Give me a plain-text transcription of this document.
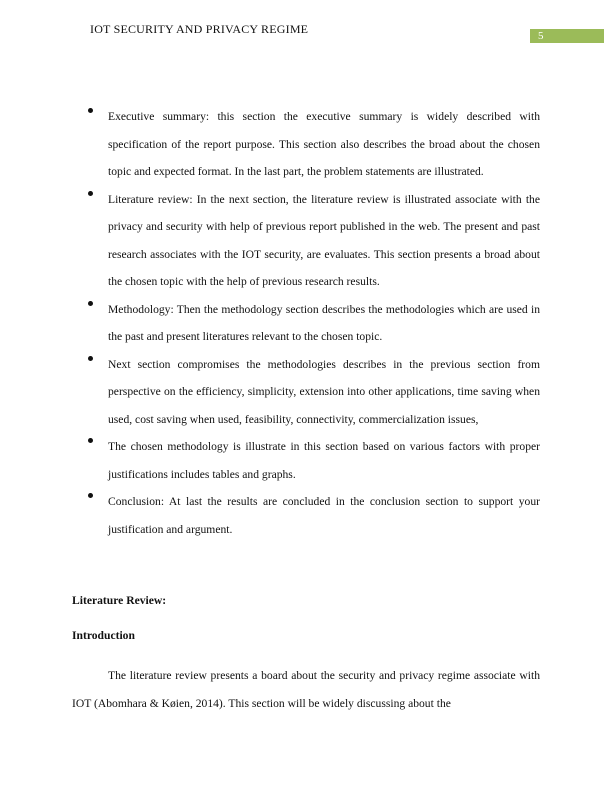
IOT SECURITY AND PRIVACY REGIME	5
Executive summary: this section the executive summary is widely described with specification of the report purpose. This section also describes the broad about the chosen topic and expected format. In the last part, the problem statements are illustrated.
Literature review: In the next section, the literature review is illustrated associate with the privacy and security with help of previous report published in the web. The present and past research associates with the IOT security, are evaluates. This section presents a broad about the chosen topic with the help of previous research results.
Methodology: Then the methodology section describes the methodologies which are used in the past and present literatures relevant to the chosen topic.
Next section compromises the methodologies describes in the previous section from perspective on the efficiency, simplicity, extension into other applications, time saving when used, cost saving when used, feasibility, connectivity, commercialization issues,
The chosen methodology is illustrate in this section based on various factors with proper justifications includes tables and graphs.
Conclusion: At last the results are concluded in the conclusion section to support your justification and argument.
Literature Review:
Introduction

The literature review presents a board about the security and privacy regime associate with IOT (Abomhara & Køien, 2014). This section will be widely discussing about the
